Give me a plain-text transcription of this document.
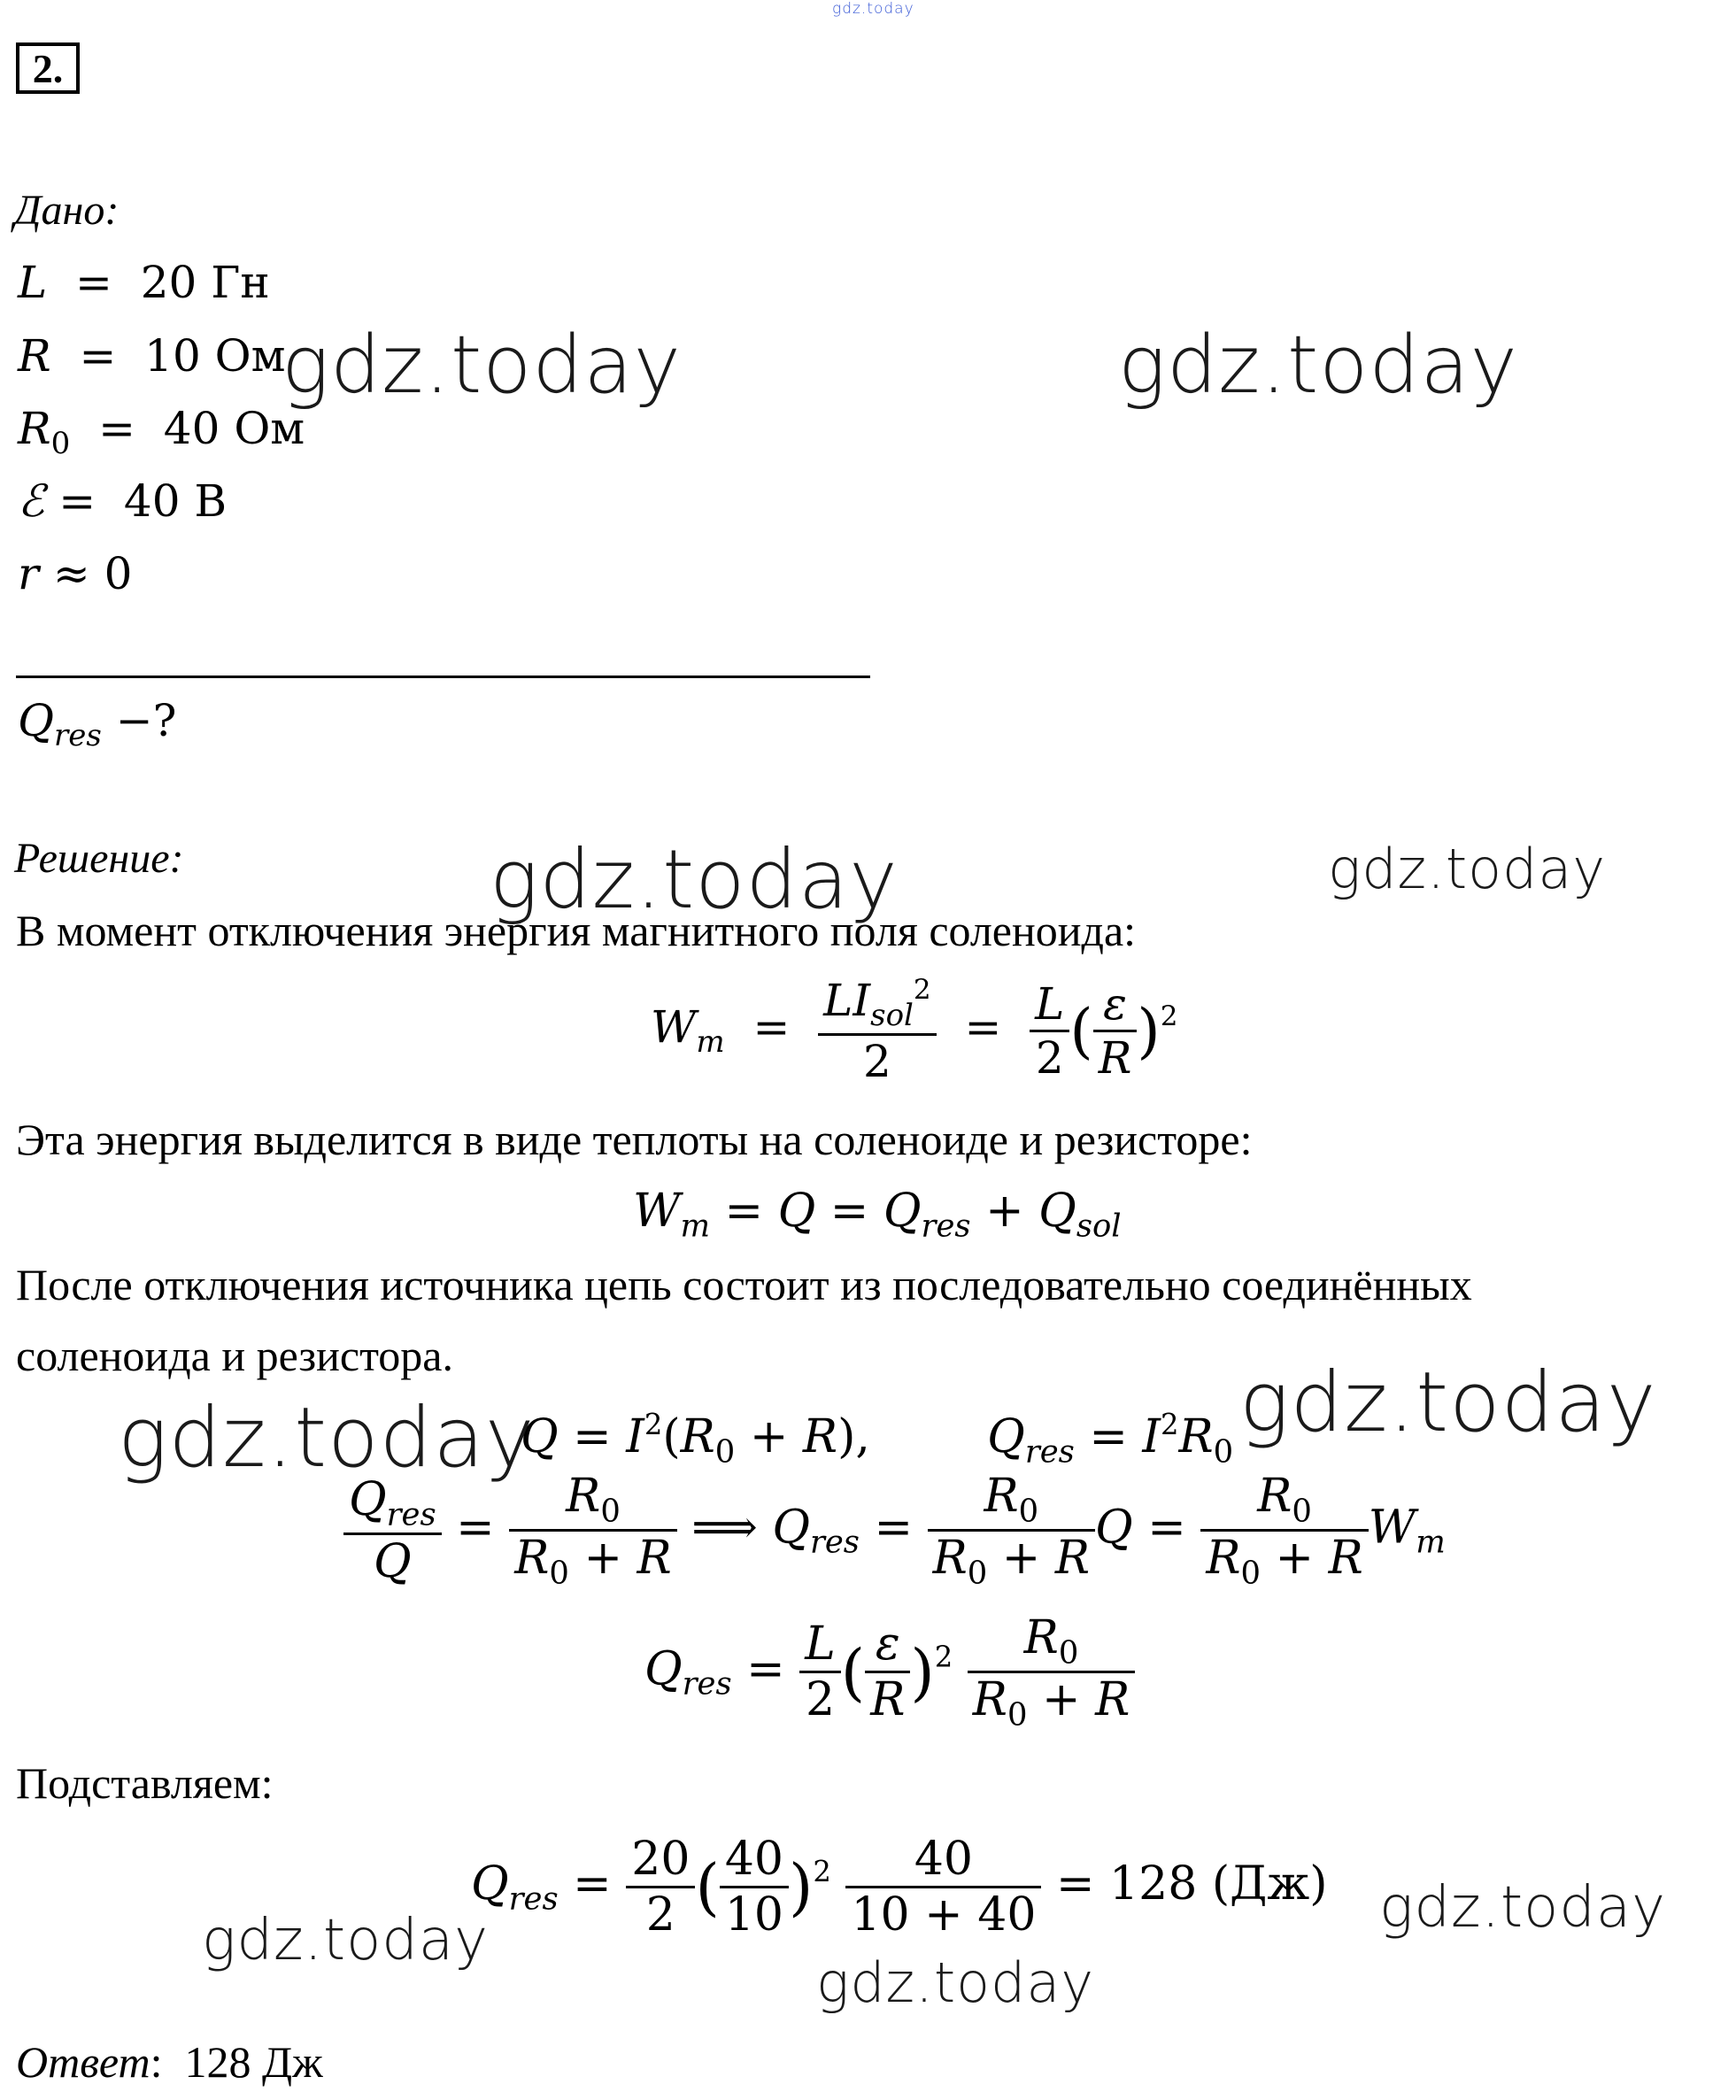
gdz.today
2.
Дано:
L  =  20 Гн
R  =  10 Ом
$R_0 = 40$ Ом
ℰ =  40 В
r ≈ 0
$Q_{res}$ −?
Решение:
В момент отключения энергия магнитного поля соленоида:
$W_m = \frac{LI_{sol}^2}{2} = \frac{L}{2}$ ( $\frac{\varepsilon}{R} )^2$
Эта энергия выделится в виде теплоты на соленоиде и резисторе:
$W_m = Q = Q_{res} + Q_{sol}$
После отключения источника цепь состоит из последовательно соединённых
соленоида и резистора.
$Q = I^2(R_0 + R)$,        $Q_{res} = I^2R_0$
$\frac{Q_{res}}{Q} = \frac{R_0}{R_0 + R}$ ⟹ $Q_{res} = \frac{R_0}{R_0 + R}$ $Q = \frac{R_0}{R_0 + R} W_m$
$Q_{res} = \frac{L}{2}$ ( $\frac{\varepsilon}{R} )^2 \frac{R_0}{R_0 + R}$
Подставляем:
$Q_{res} = \frac{20}{2}$ ( $\frac{40}{10} )^2 \frac{40}{10 + 40} = 128$ (Дж)
Ответ:  128 Дж
gdz.today	gdz.today
gdz.today	gdz.today
gdz.today	gdz.today
gdz.today	gdz.today
gdz.today
